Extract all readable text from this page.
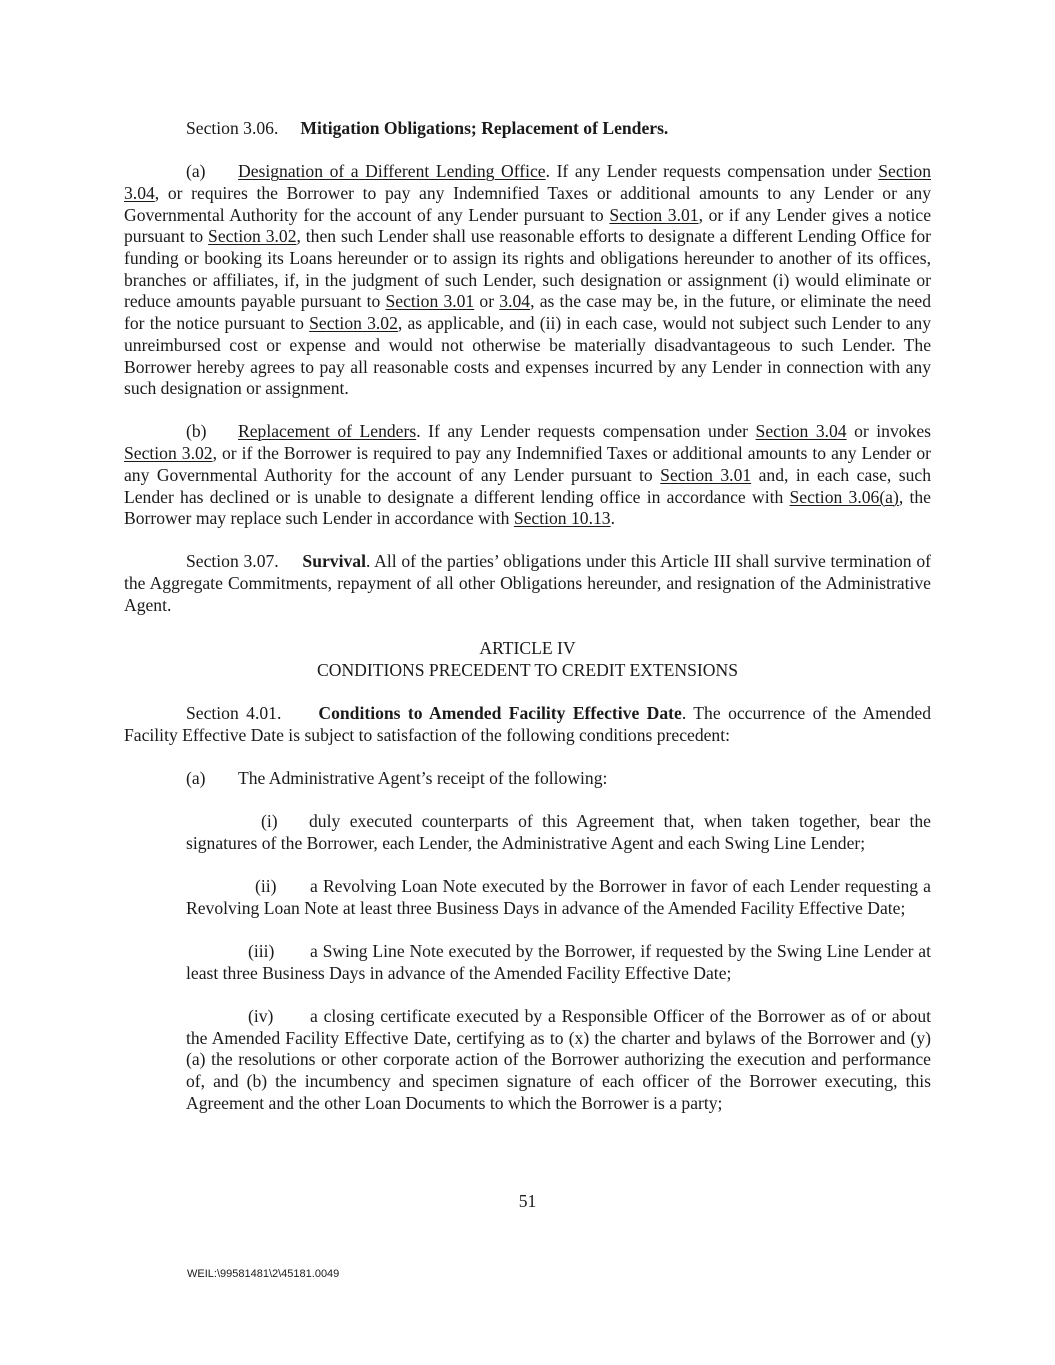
Section 3.06. Mitigation Obligations; Replacement of Lenders.

(a) Designation of a Different Lending Office. If any Lender requests compensation under Section 3.04, or requires the Borrower to pay any Indemnified Taxes or additional amounts to any Lender or any Governmental Authority for the account of any Lender pursuant to Section 3.01, or if any Lender gives a notice pursuant to Section 3.02, then such Lender shall use reasonable efforts to designate a different Lending Office for funding or booking its Loans hereunder or to assign its rights and obligations hereunder to another of its offices, branches or affiliates, if, in the judgment of such Lender, such designation or assignment (i) would eliminate or reduce amounts payable pursuant to Section 3.01 or 3.04, as the case may be, in the future, or eliminate the need for the notice pursuant to Section 3.02, as applicable, and (ii) in each case, would not subject such Lender to any unreimbursed cost or expense and would not otherwise be materially disadvantageous to such Lender. The Borrower hereby agrees to pay all reasonable costs and expenses incurred by any Lender in connection with any such designation or assignment.

(b) Replacement of Lenders. If any Lender requests compensation under Section 3.04 or invokes Section 3.02, or if the Borrower is required to pay any Indemnified Taxes or additional amounts to any Lender or any Governmental Authority for the account of any Lender pursuant to Section 3.01 and, in each case, such Lender has declined or is unable to designate a different lending office in accordance with Section 3.06(a), the Borrower may replace such Lender in accordance with Section 10.13.

Section 3.07. Survival. All of the parties’ obligations under this Article III shall survive termination of the Aggregate Commitments, repayment of all other Obligations hereunder, and resignation of the Administrative Agent.

ARTICLE IV

CONDITIONS PRECEDENT TO CREDIT EXTENSIONS

Section 4.01. Conditions to Amended Facility Effective Date. The occurrence of the Amended Facility Effective Date is subject to satisfaction of the following conditions precedent:

(a) The Administrative Agent’s receipt of the following:

(i) duly executed counterparts of this Agreement that, when taken together, bear the signatures of the Borrower, each Lender, the Administrative Agent and each Swing Line Lender;

(ii) a Revolving Loan Note executed by the Borrower in favor of each Lender requesting a Revolving Loan Note at least three Business Days in advance of the Amended Facility Effective Date;

(iii) a Swing Line Note executed by the Borrower, if requested by the Swing Line Lender at least three Business Days in advance of the Amended Facility Effective Date;

(iv) a closing certificate executed by a Responsible Officer of the Borrower as of or about the Amended Facility Effective Date, certifying as to (x) the charter and bylaws of the Borrower and (y) (a) the resolutions or other corporate action of the Borrower authorizing the execution and performance of, and (b) the incumbency and specimen signature of each officer of the Borrower executing, this Agreement and the other Loan Documents to which the Borrower is a party;

51
WEIL:\99581481\2\45181.0049
